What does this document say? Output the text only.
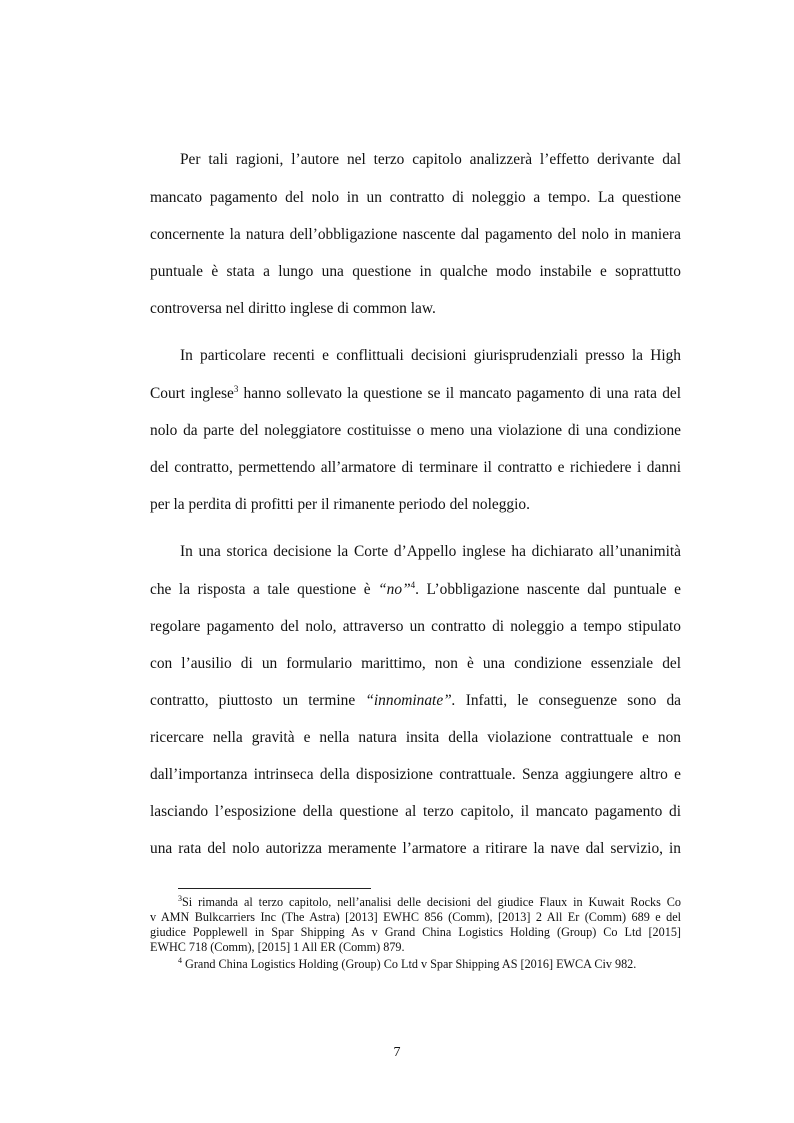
Per tali ragioni, l’autore nel terzo capitolo analizzerà l’effetto derivante dal
mancato pagamento del nolo in un contratto di noleggio a tempo. La questione
concernente la natura dell’obbligazione nascente dal pagamento del nolo in maniera
puntuale è stata a lungo una questione in qualche modo instabile e soprattutto
controversa nel diritto inglese di common law.
In particolare recenti e conflittuali decisioni giurisprudenziali presso la High
Court inglese$^3$ hanno sollevato la questione se il mancato pagamento di una rata del
nolo da parte del noleggiatore costituisse o meno una violazione di una condizione
del contratto, permettendo all’armatore di terminare il contratto e richiedere i danni
per la perdita di profitti per il rimanente periodo del noleggio.
In una storica decisione la Corte d’Appello inglese ha dichiarato all’unanimità
che la risposta a tale questione è “no”$^4$. L’obbligazione nascente dal puntuale e
regolare pagamento del nolo, attraverso un contratto di noleggio a tempo stipulato
con l’ausilio di un formulario marittimo, non è una condizione essenziale del
contratto, piuttosto un termine “innominate”. Infatti, le conseguenze sono da
ricercare nella gravità e nella natura insita della violazione contrattuale e non
dall’importanza intrinseca della disposizione contrattuale. Senza aggiungere altro e
lasciando l’esposizione della questione al terzo capitolo, il mancato pagamento di
una rata del nolo autorizza meramente l’armatore a ritirare la nave dal servizio, in
$^3$Si rimanda al terzo capitolo, nell’analisi delle decisioni del giudice Flaux in Kuwait Rocks Co
v AMN Bulkcarriers Inc (The Astra) [2013] EWHC 856 (Comm), [2013] 2 All Er (Comm) 689 e del
giudice Popplewell in Spar Shipping As v Grand China Logistics Holding (Group) Co Ltd [2015]
EWHC 718 (Comm), [2015] 1 All ER (Comm) 879.
$^4$ Grand China Logistics Holding (Group) Co Ltd v Spar Shipping AS [2016] EWCA Civ 982.
7
